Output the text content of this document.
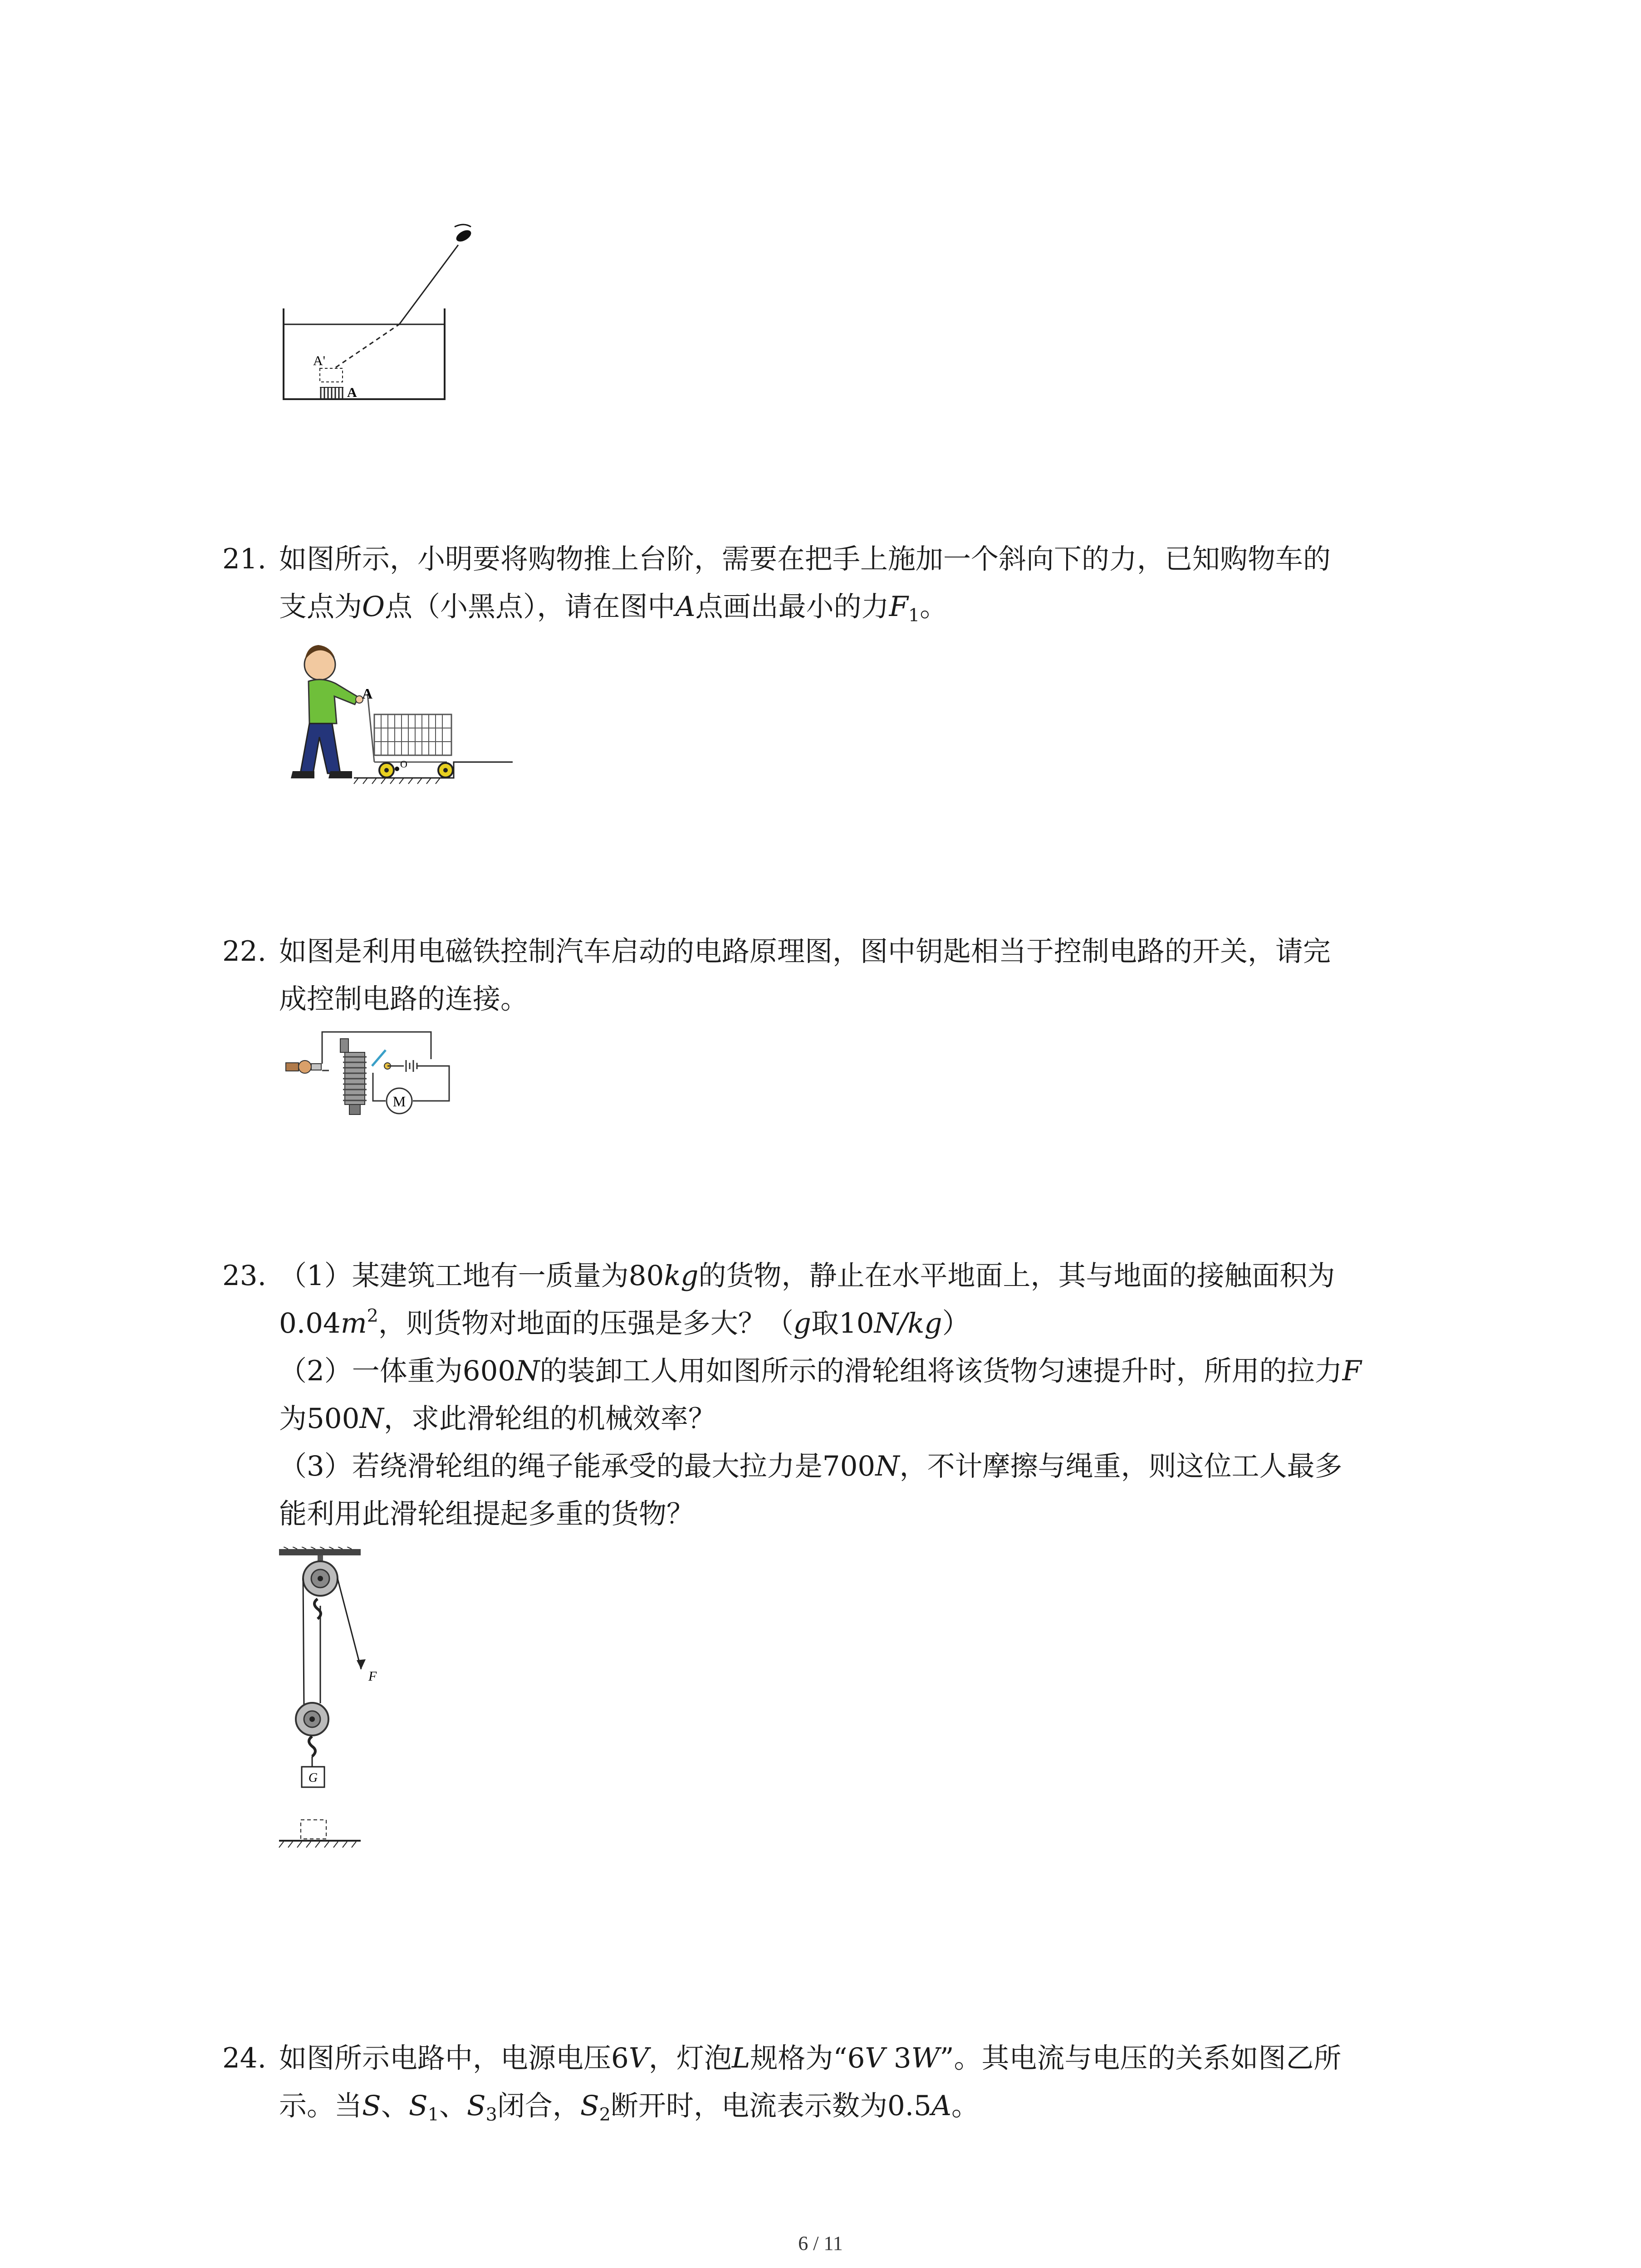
A'
A
21. 如图所示，小明要将购物推上台阶，需要在把手上施加一个斜向下的力，已知购物车的
支点为O点（小黑点），请在图中A点画出最小的力$F_1$。
A
O
22. 如图是利用电磁铁控制汽车启动的电路原理图，图中钥匙相当于控制电路的开关，请完
成控制电路的连接。
M
23. （1）某建筑工地有一质量为80kg的货物，静止在水平地面上，其与地面的接触面积为
$0.04m^2$，则货物对地面的压强是多大？（g取10N/kg）
（2）一体重为600N的装卸工人用如图所示的滑轮组将该货物匀速提升时，所用的拉力F
为500N，求此滑轮组的机械效率？
（3）若绕滑轮组的绳子能承受的最大拉力是700N，不计摩擦与绳重，则这位工人最多
能利用此滑轮组提起多重的货物？
F
G
24. 如图所示电路中，电源电压6V，灯泡L规格为“6V 3W”。其电流与电压的关系如图乙所
示。当S、$S_1$、$S_3$闭合，$S_2$断开时，电流表示数为0.5A。
6 / 11
